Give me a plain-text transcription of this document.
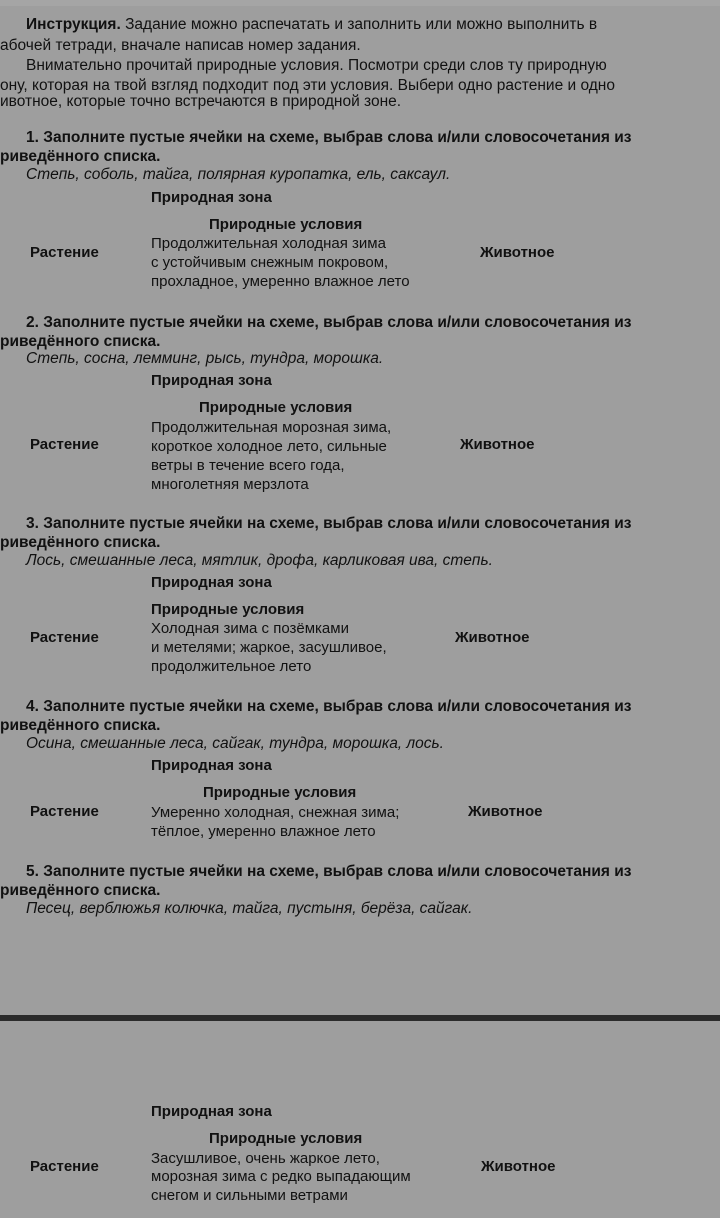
Инструкция. Задание можно распечатать и заполнить или можно выполнить в
абочей тетради, вначале написав номер задания.
Внимательно прочитай природные условия. Посмотри среди слов ту природную
ону, которая на твой взгляд подходит под эти условия. Выбери одно растение и одно
ивотное, которые точно встречаются в природной зоне.
1. Заполните пустые ячейки на схеме, выбрав слова и/или словосочетания из
риведённого списка.
Степь, соболь, тайга, полярная куропатка, ель, саксаул.
Природная зона
Природные условия
Продолжительная холодная зима
с устойчивым снежным покровом,
прохладное, умеренно влажное лето
Растение	Животное
2. Заполните пустые ячейки на схеме, выбрав слова и/или словосочетания из
риведённого списка.
Степь, сосна, лемминг, рысь, тундра, морошка.
Природная зона
Природные условия
Продолжительная морозная зима,
короткое холодное лето, сильные
ветры в течение всего года,
многолетняя мерзлота
Растение	Животное
3. Заполните пустые ячейки на схеме, выбрав слова и/или словосочетания из
риведённого списка.
Лось, смешанные леса, мятлик, дрофа, карликовая ива, степь.
Природная зона
Природные условия
Холодная зима с позёмками
и метелями; жаркое, засушливое,
продолжительное лето
Растение	Животное
4. Заполните пустые ячейки на схеме, выбрав слова и/или словосочетания из
риведённого списка.
Осина, смешанные леса, сайгак, тундра, морошка, лось.
Природная зона
Природные условия
Умеренно холодная, снежная зима;
тёплое, умеренно влажное лето
Растение	Животное
5. Заполните пустые ячейки на схеме, выбрав слова и/или словосочетания из
риведённого списка.
Песец, верблюжья колючка, тайга, пустыня, берёза, сайгак.
Природная зона
Природные условия
Засушливое, очень жаркое лето,
морозная зима с редко выпадающим
снегом и сильными ветрами
Растение	Животное
